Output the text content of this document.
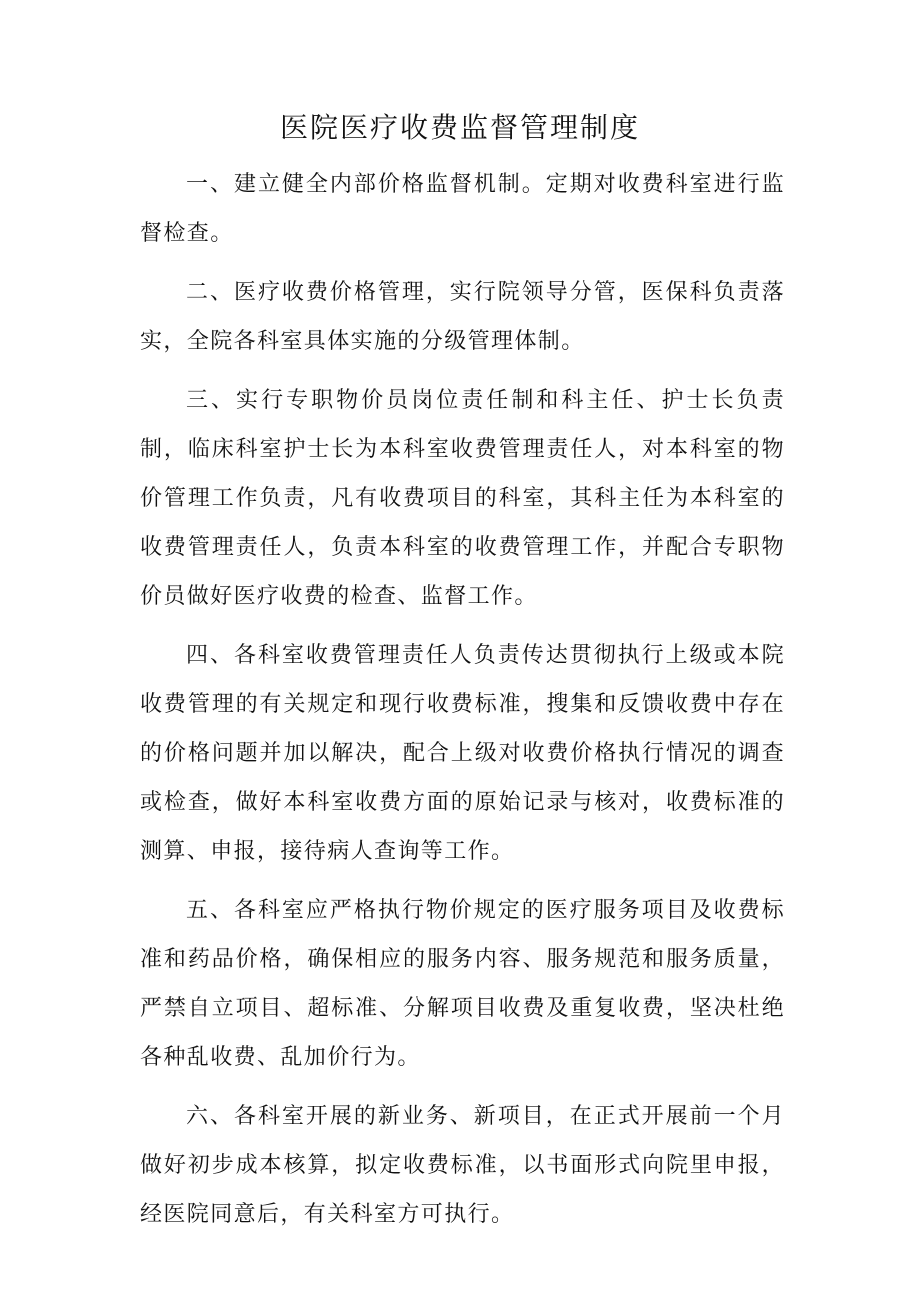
医院医疗收费监督管理制度

一、建立健全内部价格监督机制。定期对收费科室进行监督检查。

二、医疗收费价格管理，实行院领导分管，医保科负责落实，全院各科室具体实施的分级管理体制。

三、实行专职物价员岗位责任制和科主任、护士长负责制，临床科室护士长为本科室收费管理责任人，对本科室的物价管理工作负责，凡有收费项目的科室，其科主任为本科室的收费管理责任人，负责本科室的收费管理工作，并配合专职物价员做好医疗收费的检查、监督工作。

四、各科室收费管理责任人负责传达贯彻执行上级或本院收费管理的有关规定和现行收费标准，搜集和反馈收费中存在的价格问题并加以解决，配合上级对收费价格执行情况的调查或检查，做好本科室收费方面的原始记录与核对，收费标准的测算、申报，接待病人查询等工作。

五、各科室应严格执行物价规定的医疗服务项目及收费标准和药品价格，确保相应的服务内容、服务规范和服务质量，严禁自立项目、超标准、分解项目收费及重复收费，坚决杜绝各种乱收费、乱加价行为。

六、各科室开展的新业务、新项目，在正式开展前一个月做好初步成本核算，拟定收费标准，以书面形式向院里申报，经医院同意后，有关科室方可执行。
